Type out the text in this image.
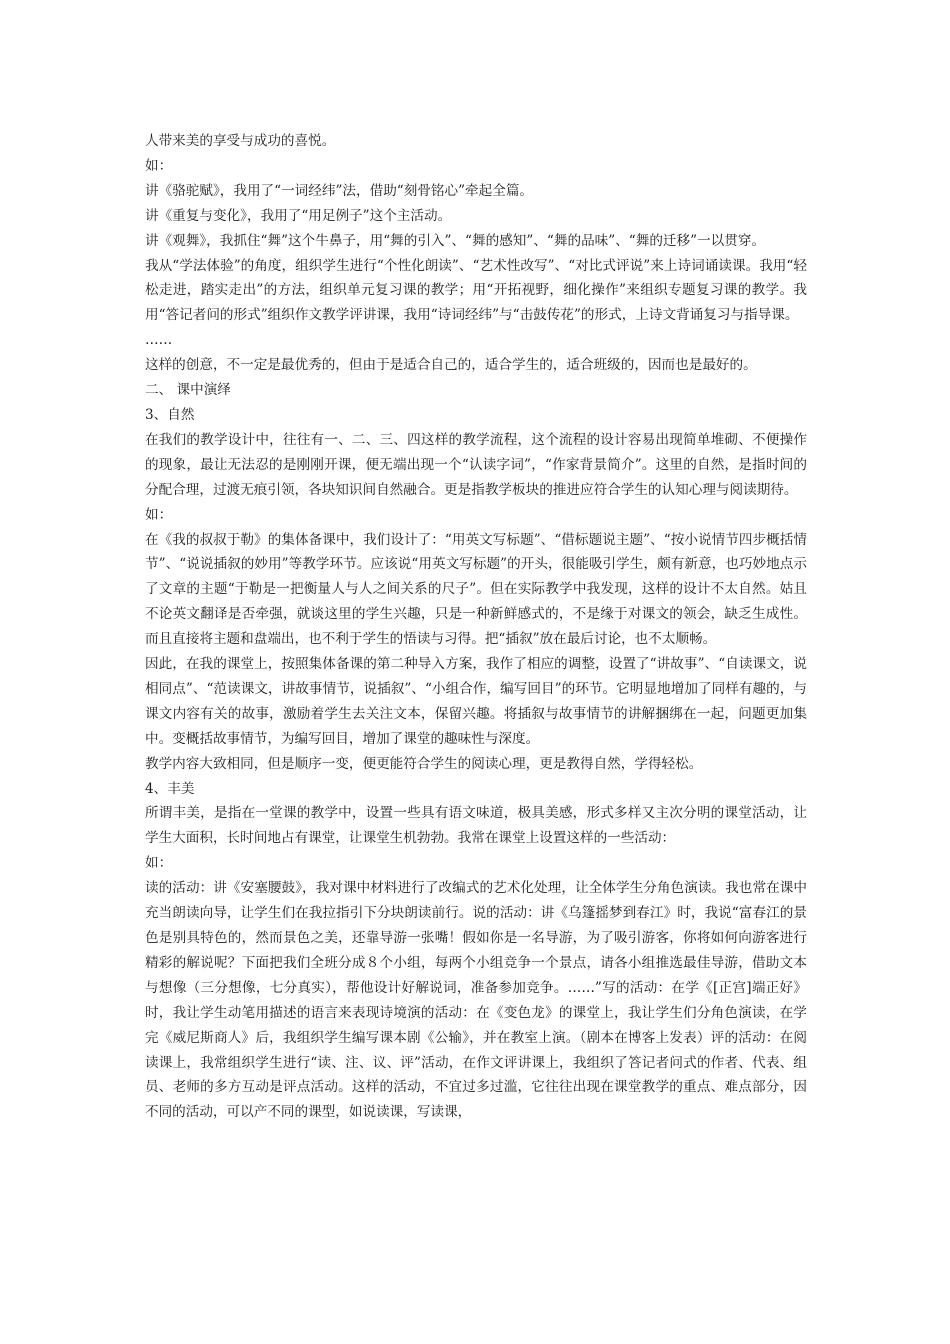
人带来美的享受与成功的喜悦。

如：

讲《骆驼赋》，我用了“一词经纬”法，借助“刻骨铭心”牵起全篇。

讲《重复与变化》，我用了“用足例子”这个主活动。

讲《观舞》，我抓住“舞”这个牛鼻子，用“舞的引入”、“舞的感知”、“舞的品味”、“舞的迁移”一以贯穿。

我从“学法体验”的角度，组织学生进行“个性化朗读”、“艺术性改写”、“对比式评说”来上诗词诵读课。我用“轻松走进，踏实走出”的方法，组织单元复习课的教学；用“开拓视野，细化操作”来组织专题复习课的教学。我用“答记者问的形式”组织作文教学评讲课，我用“诗词经纬”与“击鼓传花”的形式，上诗文背诵复习与指导课。

……

这样的创意，不一定是最优秀的，但由于是适合自己的，适合学生的，适合班级的，因而也是最好的。

二、 课中演绎

3、自然

在我们的教学设计中，往往有一、二、三、四这样的教学流程，这个流程的设计容易出现简单堆砌、不便操作的现象，最让无法忍的是刚刚开课，便无端出现一个“认读字词”，“作家背景简介”。这里的自然，是指时间的分配合理，过渡无痕引领，各块知识间自然融合。更是指教学板块的推进应符合学生的认知心理与阅读期待。

如：

在《我的叔叔于勒》的集体备课中，我们设计了：“用英文写标题”、“借标题说主题”、“按小说情节四步概括情节”、“说说插叙的妙用”等教学环节。应该说“用英文写标题”的开头，很能吸引学生，颇有新意，也巧妙地点示了文章的主题“于勒是一把衡量人与人之间关系的尺子”。但在实际教学中我发现，这样的设计不太自然。姑且不论英文翻译是否牵强，就谈这里的学生兴趣，只是一种新鲜感式的，不是缘于对课文的领会，缺乏生成性。而且直接将主题和盘端出，也不利于学生的悟读与习得。把“插叙”放在最后讨论，也不太顺畅。

因此，在我的课堂上，按照集体备课的第二种导入方案，我作了相应的调整，设置了“讲故事”、“自读课文，说相同点”、“范读课文，讲故事情节，说插叙”、“小组合作，编写回目”的环节。它明显地增加了同样有趣的，与课文内容有关的故事，激励着学生去关注文本，保留兴趣。将插叙与故事情节的讲解捆绑在一起，问题更加集中。变概括故事情节，为编写回目，增加了课堂的趣味性与深度。

教学内容大致相同，但是顺序一变，便更能符合学生的阅读心理，更是教得自然，学得轻松。

4、丰美

所谓丰美，是指在一堂课的教学中，设置一些具有语文味道，极具美感，形式多样又主次分明的课堂活动，让学生大面积，长时间地占有课堂，让课堂生机勃勃。我常在课堂上设置这样的一些活动：

如：

读的活动：讲《安塞腰鼓》，我对课中材料进行了改编式的艺术化处理，让全体学生分角色演读。我也常在课中充当朗读向导，让学生们在我拉指引下分块朗读前行。说的活动：讲《乌篷摇梦到春江》时，我说“富春江的景色是别具特色的，然而景色之美，还靠导游一张嘴！假如你是一名导游，为了吸引游客，你将如何向游客进行精彩的解说呢？下面把我们全班分成８个小组，每两个小组竞争一个景点，请各小组推选最佳导游，借助文本与想像（三分想像，七分真实），帮他设计好解说词，准备参加竞争。……”写的活动：在学《[正宫]端正好》时，我让学生动笔用描述的语言来表现诗境演的活动：在《变色龙》的课堂上，我让学生们分角色演读，在学完《威尼斯商人》后，我组织学生编写课本剧《公输》，并在教室上演。（剧本在博客上发表）评的活动：在阅读课上，我常组织学生进行“读、注、议、评”活动，在作文评讲课上，我组织了答记者问式的作者、代表、组员、老师的多方互动是评点活动。这样的活动，不宜过多过滥，它往往出现在课堂教学的重点、难点部分，因不同的活动，可以产不同的课型，如说读课，写读课，
